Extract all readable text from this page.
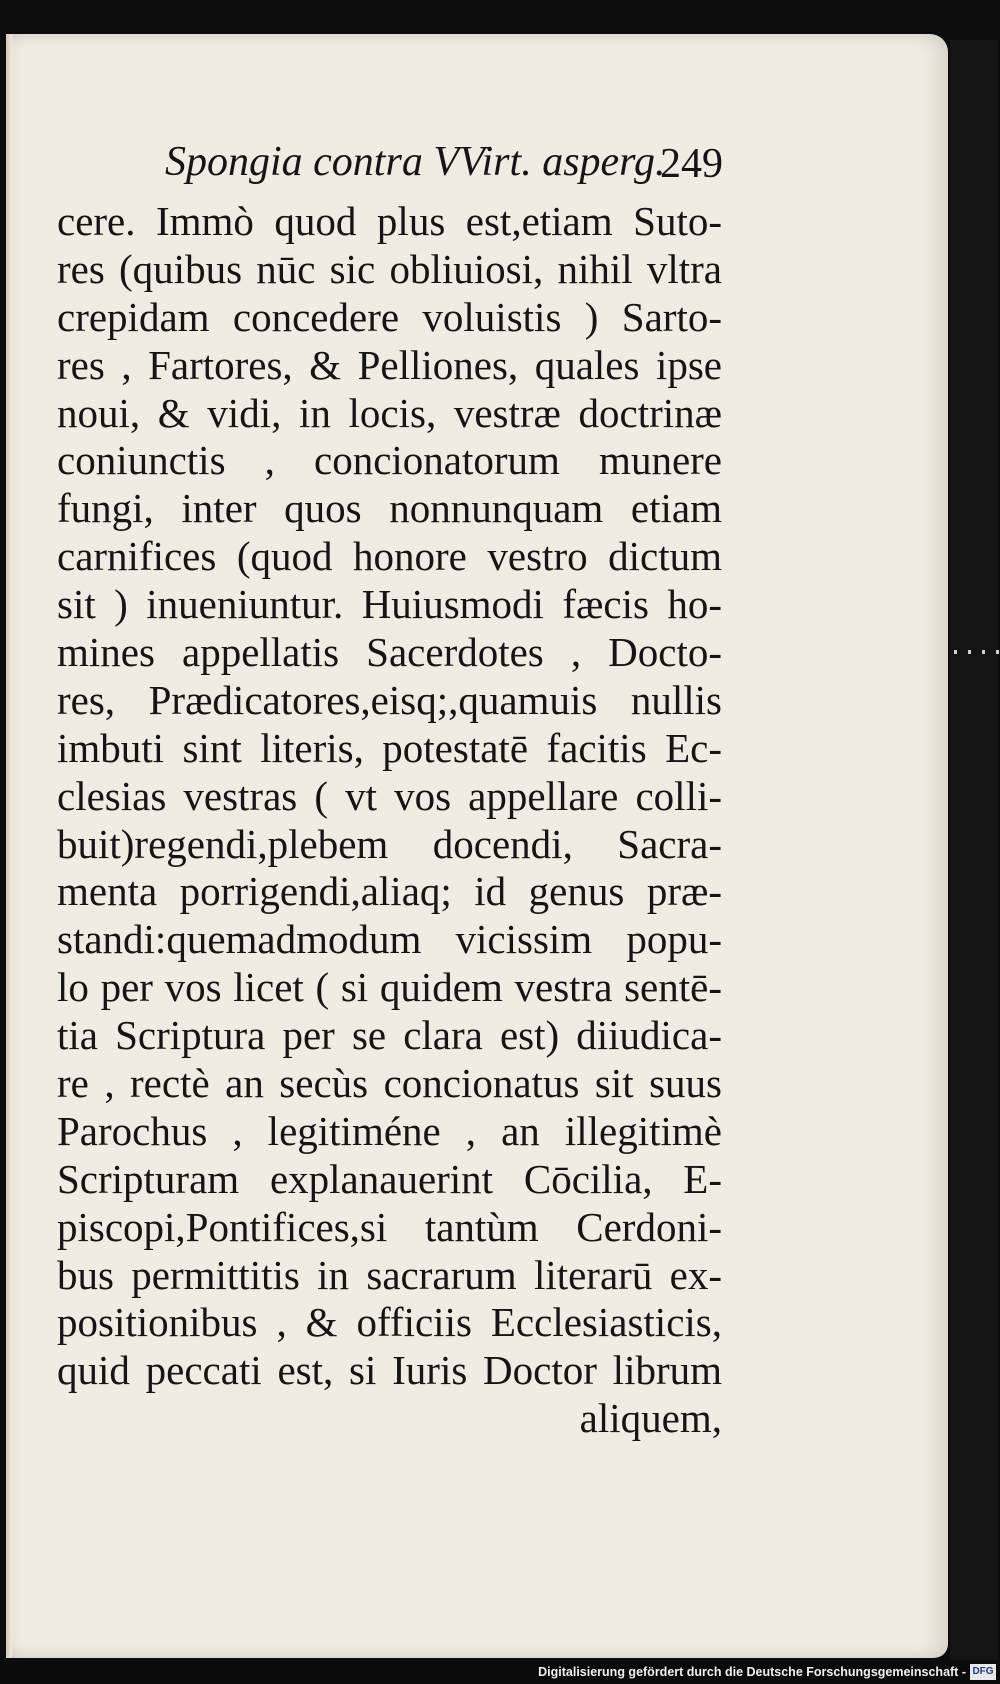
Spongia contra VVirt. asperg.
249
cere. Immò quod plus est,etiam Suto-
res (quibus nūc sic obliuiosi, nihil vltra
crepidam concedere voluistis ) Sarto-
res , Fartores, & Pelliones, quales ipse
noui, & vidi, in locis, vestræ doctrinæ
coniunctis , concionatorum munere
fungi, inter quos nonnunquam etiam
carnifices (quod honore vestro dictum
sit ) inueniuntur. Huiusmodi fæcis ho-
mines appellatis Sacerdotes , Docto-
res, Prædicatores,eisq;,quamuis nullis
imbuti sint literis, potestatē facitis Ec-
clesias vestras ( vt vos appellare colli-
buit)regendi,plebem docendi, Sacra-
menta porrigendi,aliaq; id genus præ-
standi:quemadmodum vicissim popu-
lo per vos licet ( si quidem vestra sentē-
tia Scriptura per se clara est) diiudica-
re , rectè an secùs concionatus sit suus
Parochus , legitiméne , an illegitimè
Scripturam explanauerint Cōcilia, E-
piscopi,Pontifices,si tantùm Cerdoni-
bus permittitis in sacrarum literarū ex-
positionibus , & officiis Ecclesiasticis,
quid peccati est, si Iuris Doctor librum
aliquem,
Digitalisierung gefördert durch die Deutsche Forschungsgemeinschaft - DFG
